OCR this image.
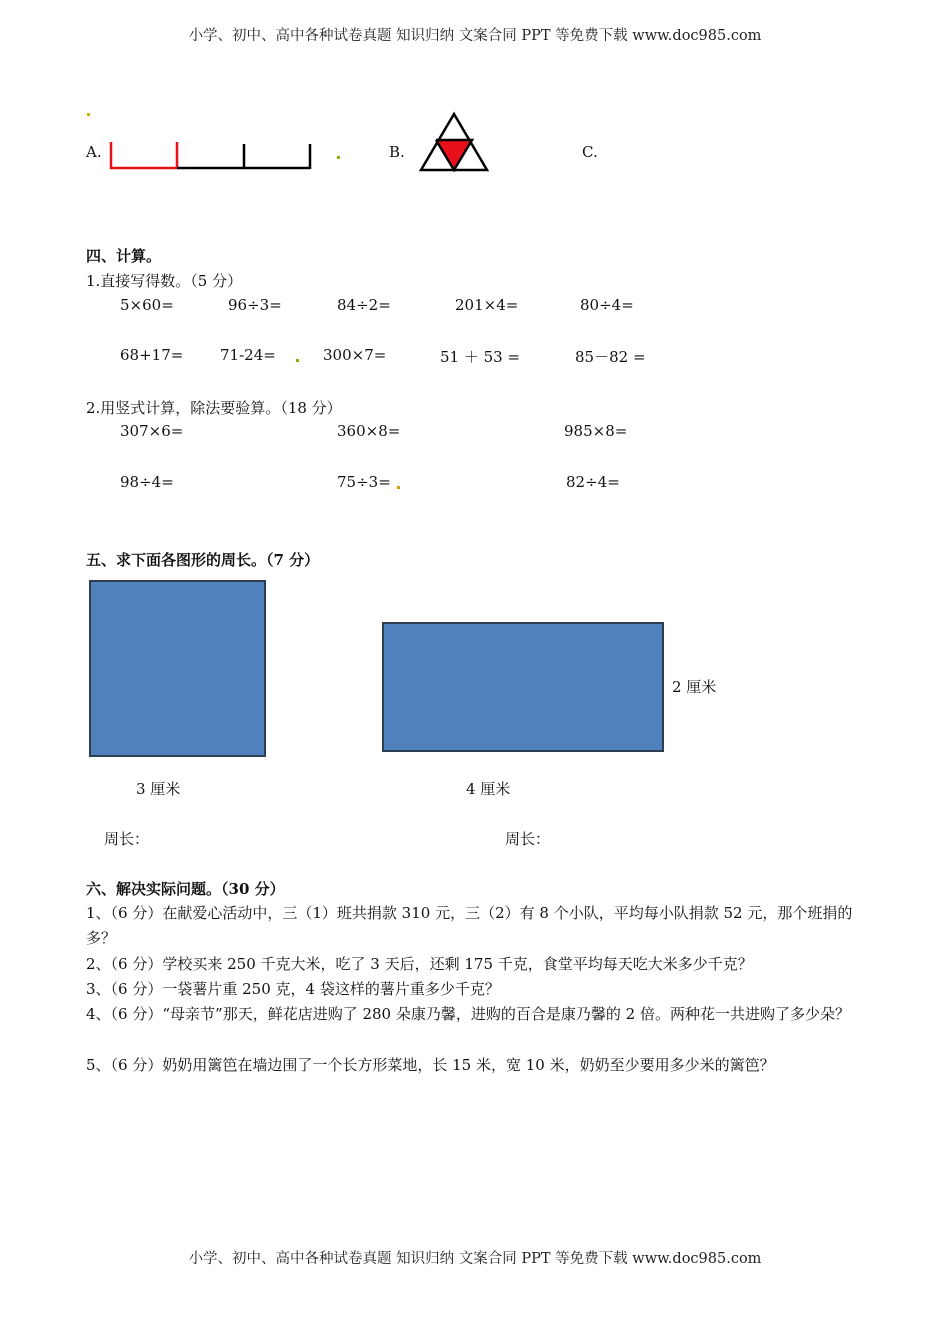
小学、初中、高中各种试卷真题 知识归纳 文案合同 PPT 等免费下载 www.doc985.com
A.	B.	C.
四、计算。
1.直接写得数。（5 分）
5×60=	96÷3=	84÷2=	201×4=	80÷4=
68+17= 71-24=	300×7=	51 ＋ 53 =	85－82 =
2.用竖式计算，除法要验算。（18 分）
307×6=	360×8=	985×8=
98÷4=	75÷3=	82÷4=
五、求下面各图形的周长。（7 分）
2 厘米
3 厘米	4 厘米
周长：	周长：
六、解决实际问题。（30 分）
1、（6 分）在献爱心活动中，三（1）班共捐款 310 元，三（2）有 8 个小队，平均每小队捐款 52 元，那个班捐的多？
2、（6 分）学校买来 250 千克大米，吃了 3 天后，还剩 175 千克，食堂平均每天吃大米多少千克？
3、（6 分）一袋薯片重 250 克，4 袋这样的薯片重多少千克？
4、（6 分）“母亲节”那天，鲜花店进购了 280 朵康乃馨，进购的百合是康乃馨的 2 倍。两种花一共进购了多少朵？
5、（6 分）奶奶用篱笆在墙边围了一个长方形菜地，长 15 米，宽 10 米，奶奶至少要用多少米的篱笆？
小学、初中、高中各种试卷真题 知识归纳 文案合同 PPT 等免费下载 www.doc985.com
